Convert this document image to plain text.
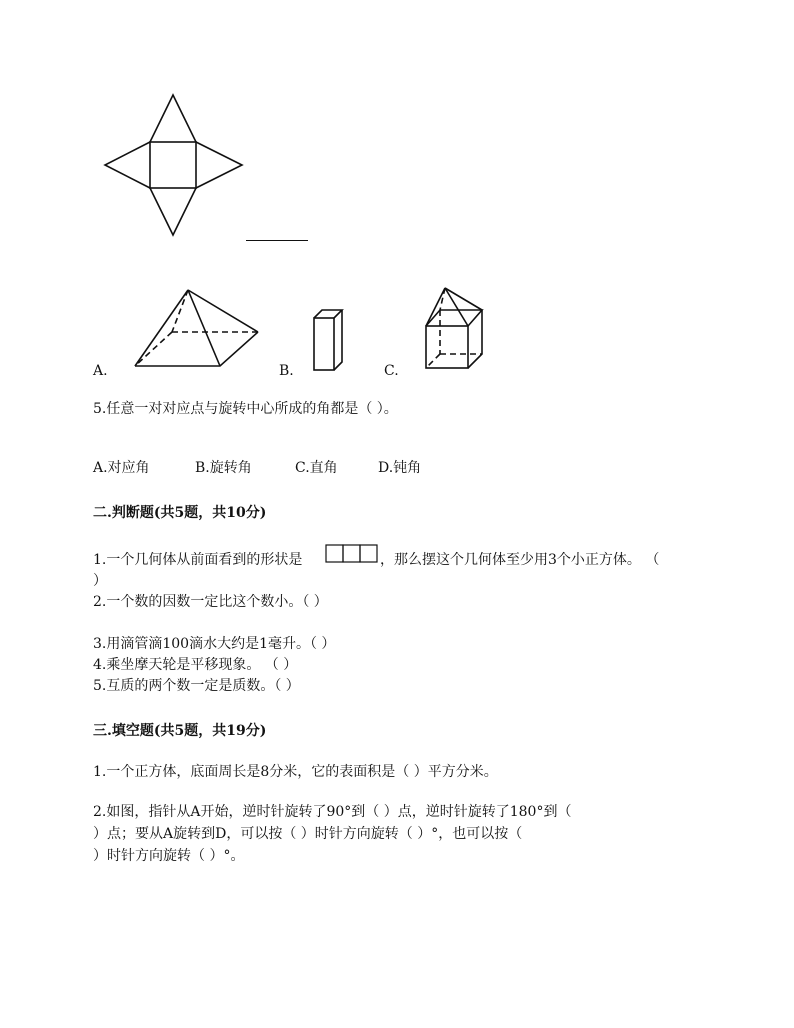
A.	B.	C.
5.任意一对对应点与旋转中心所成的角都是（ ）。
A.对应角	B.旋转角	C.直角	D.钝角
二.判断题(共5题，共10分)
1.一个几何体从前面看到的形状是	，那么摆这个几何体至少用3个小正方体。 （
）
2.一个数的因数一定比这个数小。（ ）
3.用滴管滴100滴水大约是1毫升。（ ）
4.乘坐摩天轮是平移现象。 （ ）
5.互质的两个数一定是质数。（ ）
三.填空题(共5题，共19分)
1.一个正方体，底面周长是8分米，它的表面积是（ ）平方分米。
2.如图，指针从A开始，逆时针旋转了90°到（ ）点，逆时针旋转了180°到（
）点；要从A旋转到D，可以按（ ）时针方向旋转（ ）°，也可以按（
）时针方向旋转（ ）°。
